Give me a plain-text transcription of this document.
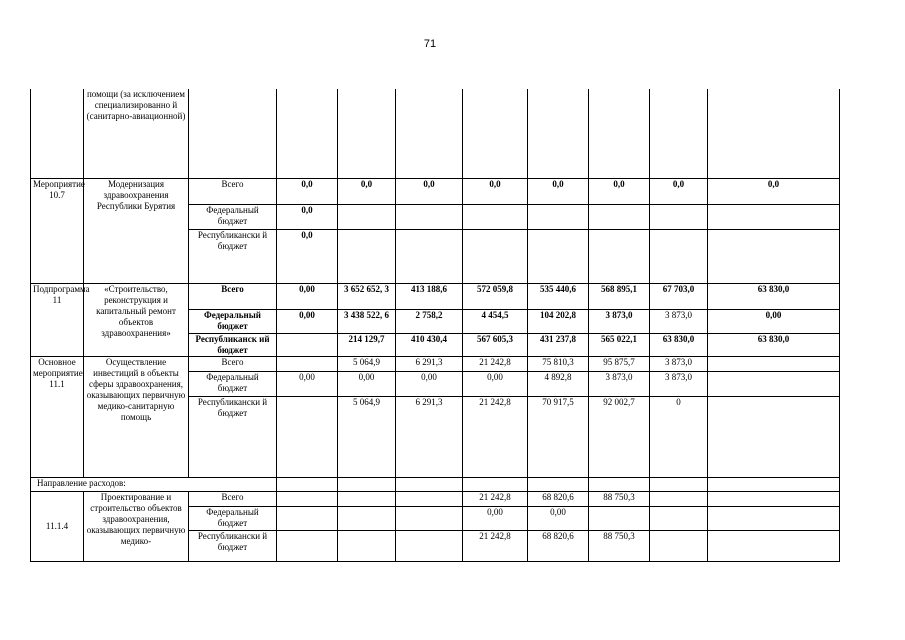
71
	помощи (за исключением специализированно й (санитарно-авиационной)									
Мероприятие 10.7	Модернизация здравоохранения Республики Бурятия	Всего	0,0	0,0	0,0	0,0	0,0	0,0	0,0	0,0
		Федеральный бюджет	0,0							
		Республикански й бюджет	0,0							
Подпрограмма 11	«Строительство, реконструкция и капитальный ремонт объектов здравоохранения»	Всего	0,00	3 652 652, 3	413 188,6	572 059,8	535 440,6	568 895,1	67 703,0	63 830,0
		Федеральный бюджет	0,00	3 438 522, 6	2 758,2	4 454,5	104 202,8	3 873,0	3 873,0	0,00
		Республиканск ий бюджет		214 129,7	410 430,4	567 605,3	431 237,8	565 022,1	63 830,0	63 830,0
Основное мероприятие 11.1	Осуществление инвестиций в объекты сферы здравоохранения, оказывающих первичную медико-санитарную помощь	Всего		5 064,9	6 291,3	21 242,8	75 810,3	95 875,7	3 873,0	
		Федеральный бюджет	0,00	0,00	0,00	0,00	4 892,8	3 873,0	3 873,0	
		Республикански й бюджет		5 064,9	6 291,3	21 242,8	70 917,5	92 002,7	0	
Направление расходов:										
11.1.4	Проектирование и строительство объектов здравоохранения, оказывающих первичную медико-	Всего				21 242,8	68 820,6	88 750,3		
		Федеральный бюджет				0,00	0,00			
		Республикански й бюджет				21 242,8	68 820,6	88 750,3		
